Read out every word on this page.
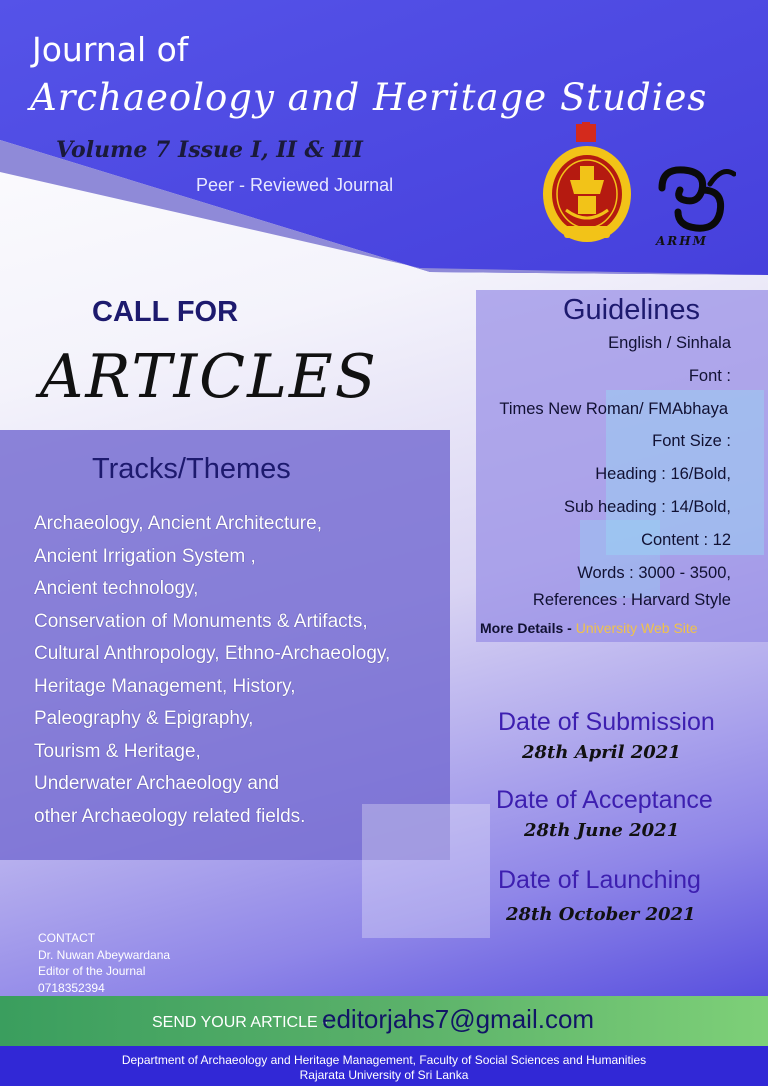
Journal of
Archaeology and Heritage Studies
Volume 7 Issue I, II & III
Peer - Reviewed Journal
ARHM
CALL FOR
ARTICLES
Tracks/Themes
Archaeology, Ancient Architecture,
Ancient Irrigation System ,
Ancient technology,
Conservation of Monuments & Artifacts,
Cultural Anthropology, Ethno-Archaeology,
Heritage Management, History,
Paleography & Epigraphy,
Tourism & Heritage,
Underwater Archaeology and
other Archaeology related fields.
Guidelines
English / Sinhala
Font :
Times New Roman/ FMAbhaya
Font Size :
Heading : 16/Bold,
Sub heading : 14/Bold,
Content : 12
Words : 3000 - 3500,
References : Harvard Style
More Details - University Web Site
Date of Submission
28th April 2021
Date of Acceptance
28th June 2021
Date of Launching
28th October 2021
CONTACT
Dr. Nuwan Abeywardana
Editor of the Journal
0718352394
SEND YOUR ARTICLE -
editorjahs7@gmail.com
Department of Archaeology and Heritage Management, Faculty of Social Sciences and Humanities
Rajarata University of Sri Lanka
